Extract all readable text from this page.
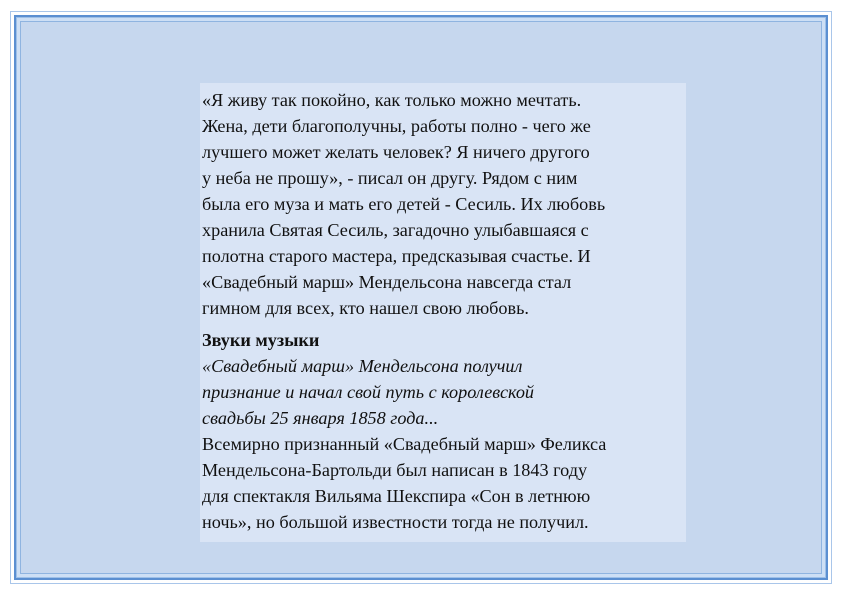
«Я живу так покойно, как только можно мечтать.
Жена, дети благополучны, работы полно - чего же
лучшего может желать человек? Я ничего другого
у неба не прошу», - писал он другу. Рядом с ним
была его муза и мать его детей - Сесиль. Их любовь
хранила Святая Сесиль, загадочно улыбавшаяся с
полотна старого мастера, предсказывая счастье. И
«Свадебный марш» Мендельсона навсегда стал
гимном для всех, кто нашел свою любовь.

Звуки музыки

«Свадебный марш» Мендельсона получил
признание и начал свой путь с королевской
свадьбы 25 января 1858 года...

Всемирно признанный «Свадебный марш» Феликса
Мендельсона-Бартольди был написан в 1843 году
для спектакля Вильяма Шекспира «Сон в летнюю
ночь», но большой известности тогда не получил.
